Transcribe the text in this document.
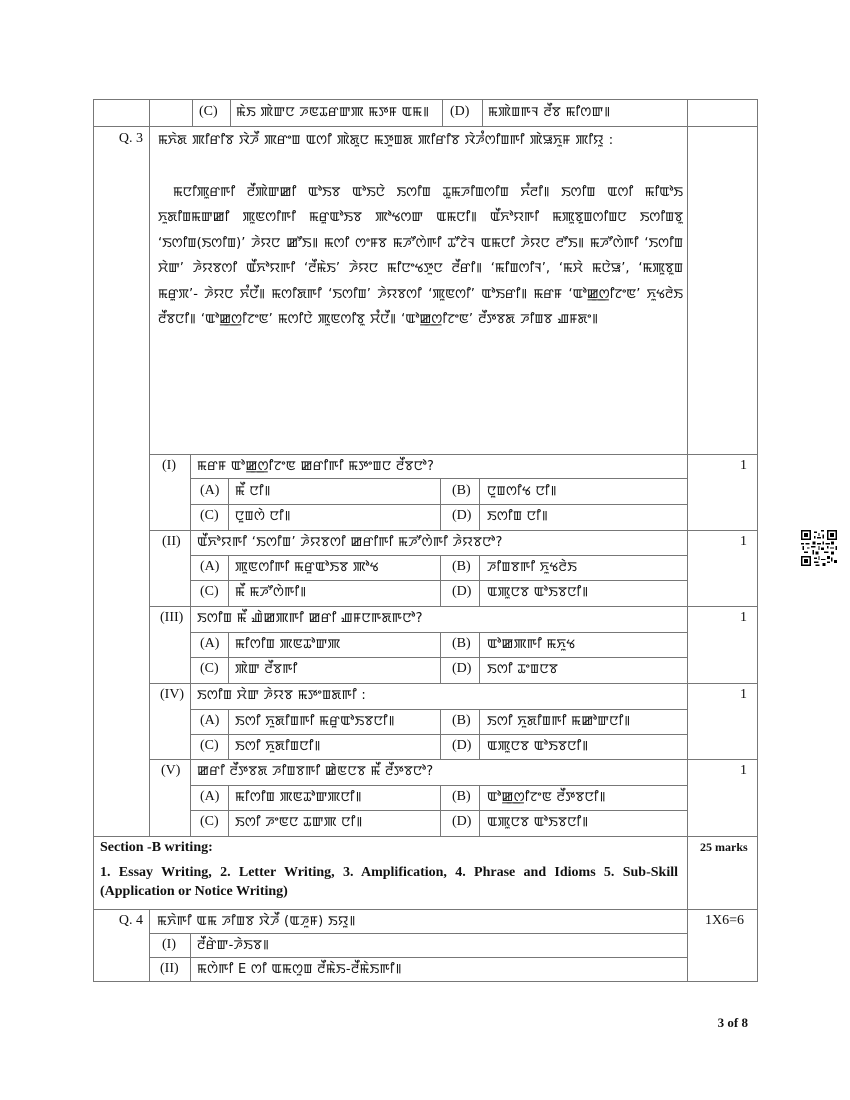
(C) ꯃꯥꯏ ꯄꯥꯛꯅ ꯍꯟꯊꯔꯛꯄ ꯃꯇꯝ ꯑꯃ꯫ (D) ꯃꯄꯥꯡꯒꯜ ꯂꯩꯕ ꯃꯤꯁꯛ꯫
Q. 3 ꯃꯈꯥꯗ ꯄꯤꯔꯤꯕ ꯋꯥꯍꯩ ꯄꯔꯦꯡ ꯑꯁꯤ ꯄꯥꯗꯨꯅ ꯃꯇꯨꯡꯗ ꯄꯤꯔꯤꯕ ꯋꯥꯍꯪꯁꯤꯡꯒꯤ ꯄꯥꯎꯈꯨꯝ ꯄꯤꯌꯨ :
ꯃꯅꯤꯄꯨꯔꯒꯤ ꯂꯩꯄꯥꯛꯀꯤ ꯑꯣꯏꯕ ꯑꯣꯏꯅꯥ ꯏꯁꯤꯡ ꯊꯨꯃꯍꯤꯡꯁꯤꯡ ꯈꯪꯂꯤ꯫ ꯏꯁꯤꯡ ꯑꯁꯤ ꯃꯤꯑꯣꯏ ꯈꯨꯗꯤꯡꯃꯛꯀꯤ ꯄꯨꯟꯁꯤꯒꯤ ꯃꯔꯨꯑꯣꯏꯕ ꯄꯣꯠꯁꯛ ꯑꯃꯅꯤ꯫ ꯑꯩꯈꯣꯌꯒꯤ ꯃꯄꯨꯕꯨꯡꯁꯤꯡꯅ ꯏꯁꯤꯡꯕꯨ ‘ꯏꯁꯤꯡ(ꯏꯁꯤꯡ)’ ꯍꯥꯌꯅ ꯀꯧꯏ꯫ ꯃꯁꯤ ꯁꯦꯝꯕ ꯃꯍꯧꯁꯥꯒꯤ ꯊꯧꯖꯥꯜ ꯑꯃꯅꯤ ꯍꯥꯌꯅ ꯂꯧꯏ꯫ ꯃꯍꯧꯁꯥꯒꯤ ‘ꯏꯁꯤꯡ ꯆꯥꯛ’ ꯍꯥꯌꯕꯁꯤ ꯑꯩꯈꯣꯌꯒꯤ ‘ꯂꯩꯃꯥꯏ’ ꯍꯥꯌꯅ ꯃꯤꯅꯦꯠꯇꯨꯅ ꯂꯩꯔꯤ꯫ ‘ꯃꯤꯡꯁꯤꯜ’, ‘ꯃꯆꯥ ꯃꯅꯥꯎ’, ‘ꯃꯄꯨꯕꯨꯡ ꯃꯔꯨꯞ’- ꯍꯥꯌꯅ ꯈꯪꯅꯩ꯫ ꯃꯁꯤꯗꯒꯤ ‘ꯏꯁꯤꯡ’ ꯍꯥꯌꯕꯁꯤ ‘ꯄꯨꯟꯁꯤ’ ꯑꯣꯏꯔꯤ꯫ ꯃꯔꯝ ‘ꯑꯣꯀ꯭ꯁꯤꯖꯦꯟ’ ꯈꯨꯠꯂꯥꯏ ꯂꯩꯕꯅꯤ꯫ ‘ꯑꯣꯀ꯭ꯁꯤꯖꯦꯟ’ ꯃꯁꯤꯅꯥ ꯄꯨꯟꯁꯤꯕꯨ ꯆꯪꯅꯩ꯫ ‘ꯑꯣꯀ꯭ꯁꯤꯖꯦꯟ’ ꯂꯩꯇꯕꯗ ꯍꯤꯡꯕ ꯉꯝꯗꯦ꯫
(I) ꯃꯔꯝ ꯑꯣꯀ꯭ꯁꯤꯖꯦꯟ ꯀꯔꯤꯒꯤ ꯃꯇꯦꯡꯅ ꯂꯩꯕꯅꯣ?	1
(A) ꯃꯩ ꯅꯤ꯫	(B) ꯅꯨꯡꯁꯤꯠ ꯅꯤ꯫
(C) ꯅꯨꯡꯁꯥ ꯅꯤ꯫	(D) ꯏꯁꯤꯡ ꯅꯤ꯫
(II) ꯑꯩꯈꯣꯌꯒꯤ ‘ꯏꯁꯤꯡ’ ꯍꯥꯌꯕꯁꯤ ꯀꯔꯤꯒꯤ ꯃꯍꯧꯁꯥꯒꯤ ꯍꯥꯌꯕꯅꯣ?	1
(A) ꯄꯨꯟꯁꯤꯒꯤ ꯃꯔꯨꯑꯣꯏꯕ ꯄꯣꯠ	(B) ꯍꯤꯡꯕꯒꯤ ꯈꯨꯠꯂꯥꯏ
(C) ꯃꯩ ꯃꯍꯧꯁꯥꯒꯤ꯫	(D) ꯑꯄꯨꯅꯕ ꯑꯣꯏꯕꯅꯤ꯫
(III) ꯏꯁꯤꯡ ꯃꯩ ꯉꯥꯀꯄꯒꯤ ꯀꯔꯤ ꯉꯝꯅꯒꯗꯒꯅꯣ?	1
(A) ꯃꯤꯁꯤꯡ ꯄꯟꯊꯣꯛꯄ	(B) ꯑꯣꯀꯄꯒꯤ ꯃꯈꯨꯠ
(C) ꯄꯥꯛ ꯂꯩꯕꯒꯤ	(D) ꯏꯁꯤ ꯊꯦꯡꯅꯕ
(IV) ꯏꯁꯤꯡ ꯆꯥꯛ ꯍꯥꯌꯕ ꯃꯇꯦꯡꯗꯒꯤ :	1
(A) ꯏꯁꯤ ꯈꯨꯗꯤꯡꯒꯤ ꯃꯔꯨꯑꯣꯏꯕꯅꯤ꯫	(B) ꯏꯁꯤ ꯈꯨꯗꯤꯡꯒꯤ ꯃꯀꯣꯛꯅꯤ꯫
(C) ꯏꯁꯤ ꯈꯨꯗꯤꯡꯅꯤ꯫	(D) ꯑꯄꯨꯅꯕ ꯑꯣꯏꯕꯅꯤ꯫
(V) ꯀꯔꯤ ꯂꯩꯇꯕꯗ ꯍꯤꯡꯕꯒꯤ ꯀꯥꯟꯅꯕ ꯃꯩ ꯂꯩꯇꯕꯅꯣ?	1
(A) ꯃꯤꯁꯤꯡ ꯄꯟꯊꯣꯛꯄꯅꯤ꯫	(B) ꯑꯣꯀ꯭ꯁꯤꯖꯦꯟ ꯂꯩꯇꯕꯅꯤ꯫
(C) ꯏꯁꯤ ꯍꯦꯟꯅ ꯊꯛꯄ ꯅꯤ꯫	(D) ꯑꯄꯨꯅꯕ ꯑꯣꯏꯕꯅꯤ꯫
Section -B writing:
1. Essay Writing, 2. Letter Writing, 3. Amplification, 4. Phrase and Idioms 5. Sub-Skill (Application or Notice Writing)
25 marks
Q. 4 ꯃꯈꯥꯒꯤ ꯑꯃ ꯍꯤꯡꯕ ꯋꯥꯍꯩ (ꯑꯍꯨꯝ) ꯏꯌꯨ꯫	1X6=6
(I) ꯂꯩꯔꯥꯛ-ꯍꯥꯏꯕ꯫
(II) ꯃꯁꯥꯒꯤ E ꯁꯤ ꯑꯃꯁꯨꯡ ꯂꯩꯃꯥꯏ-ꯂꯩꯃꯥꯏꯒꯤ꯫
3 of 8
